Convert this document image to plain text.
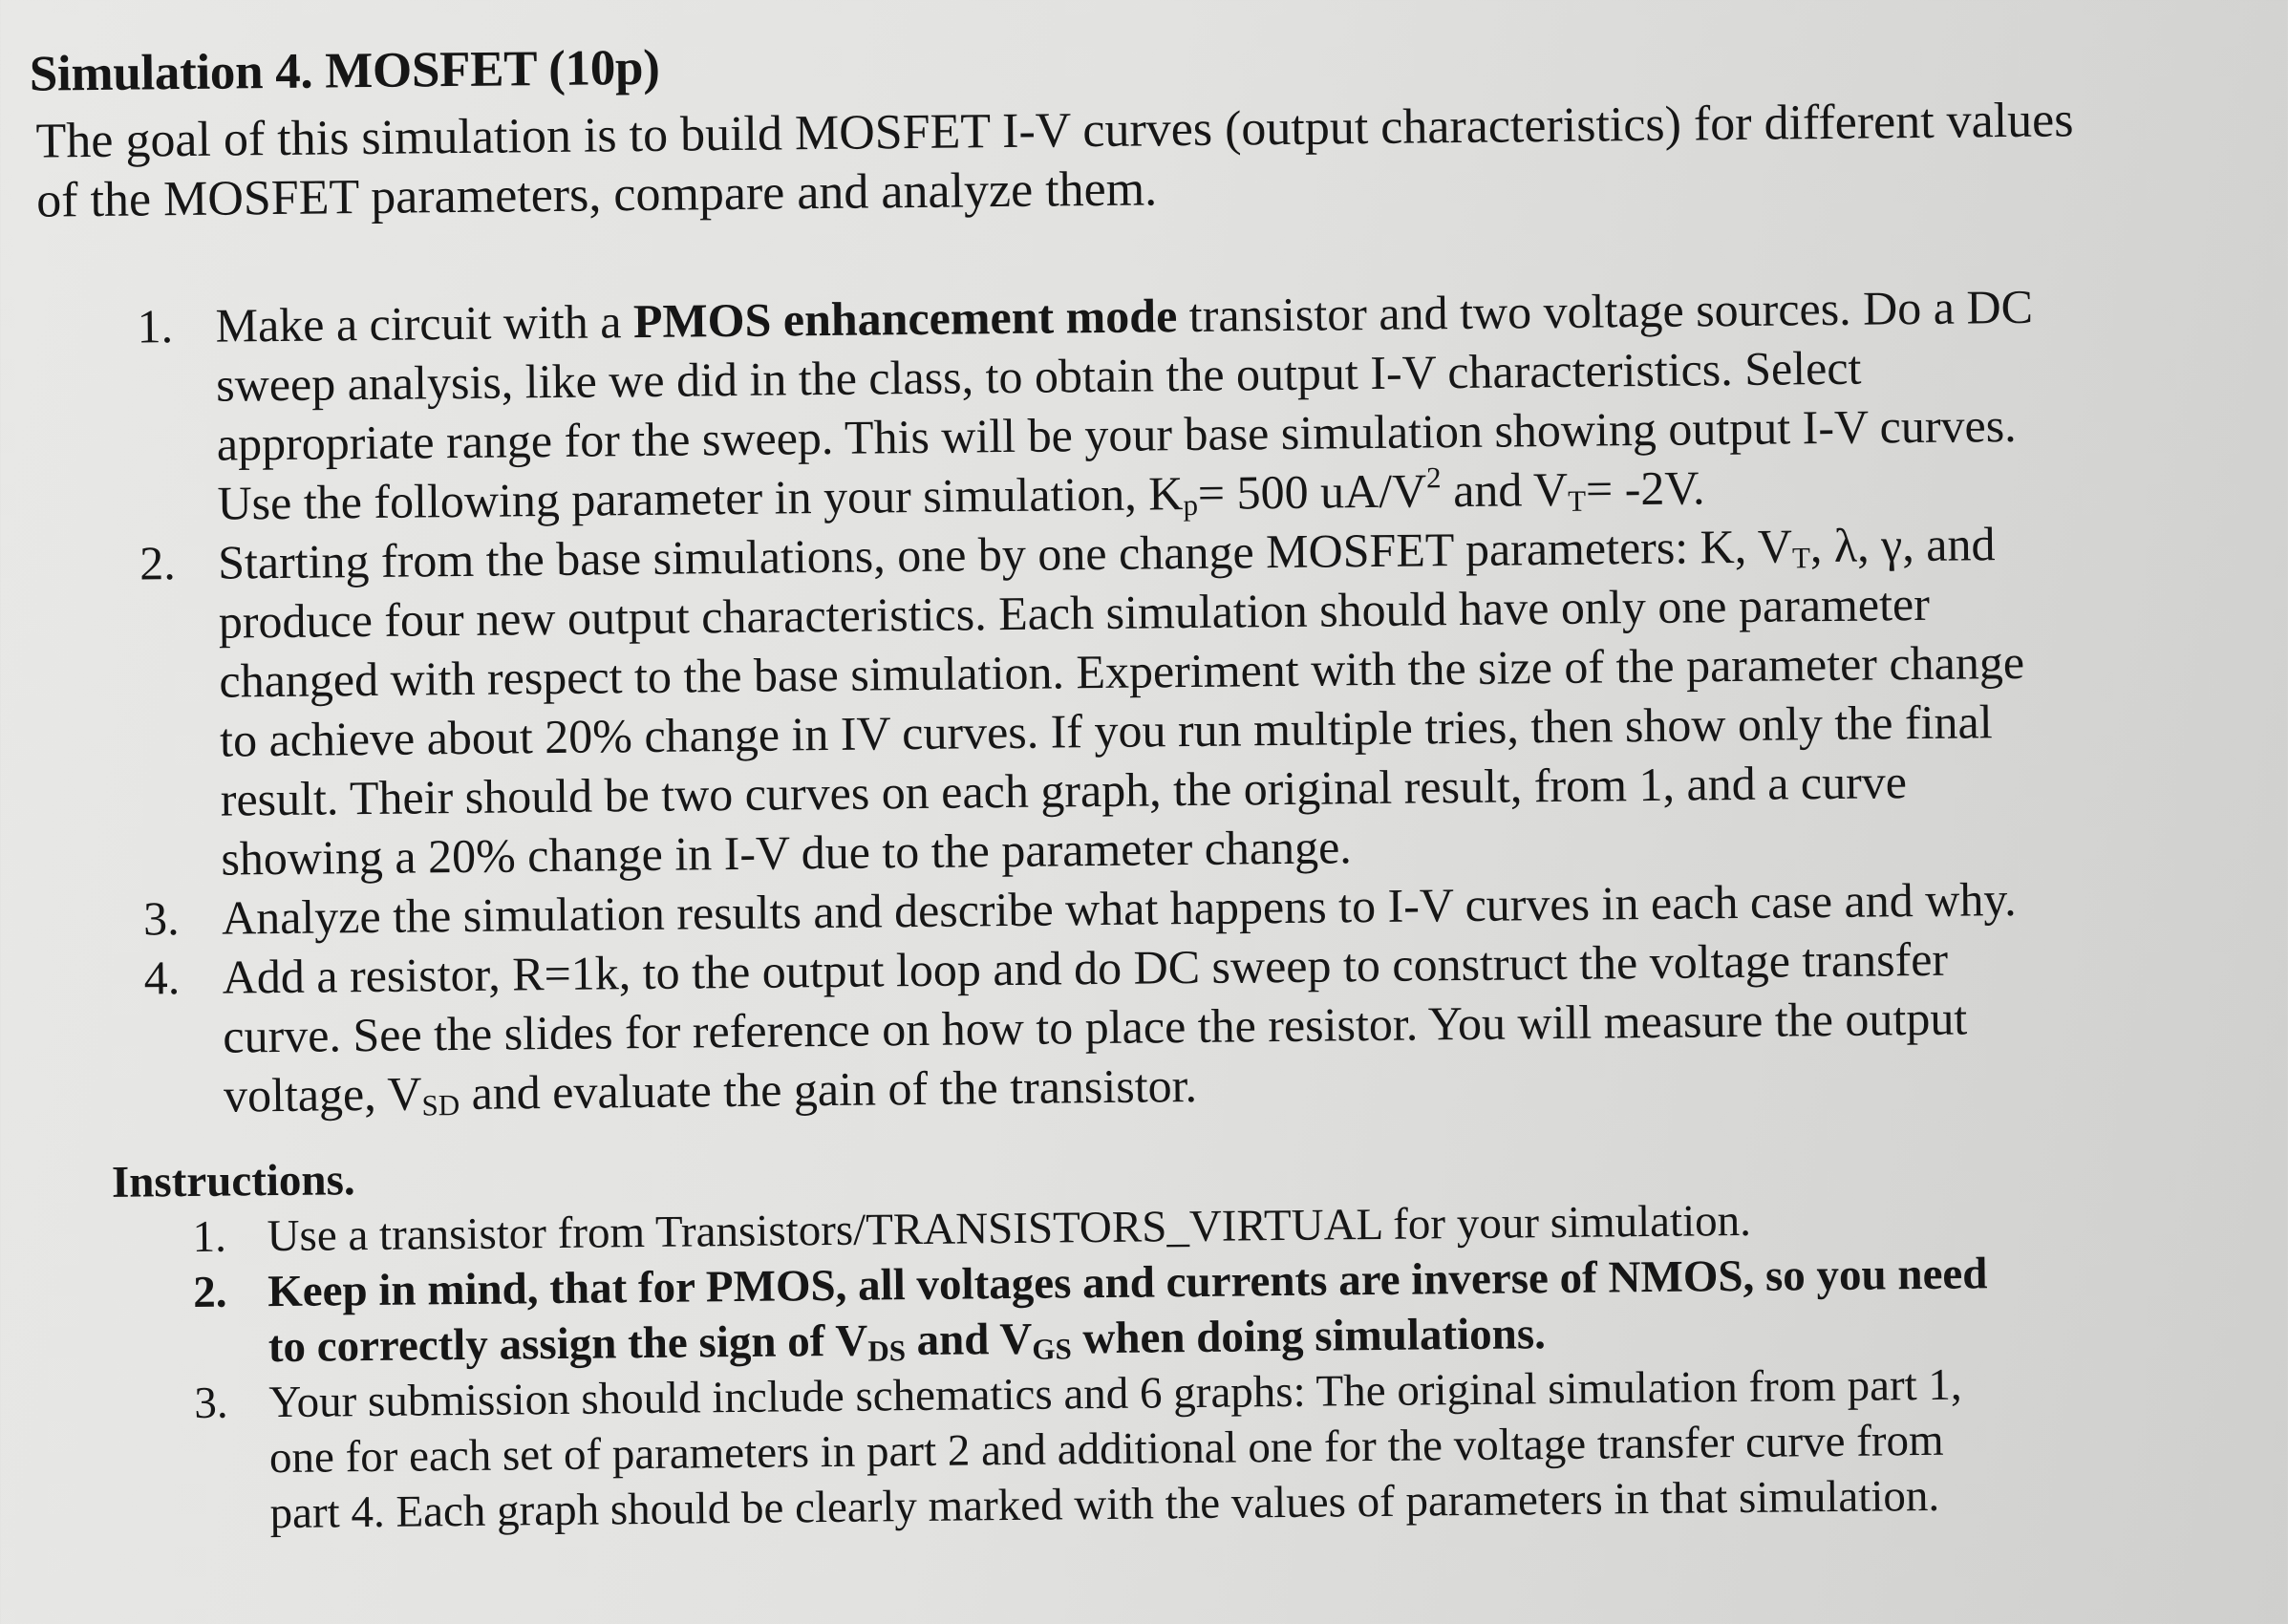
Simulation 4. MOSFET (10p)

The goal of this simulation is to build MOSFET I-V curves (output characteristics) for different values
of the MOSFET parameters, compare and analyze them.

1. Make a circuit with a PMOS enhancement mode transistor and two voltage sources. Do a DC
sweep analysis, like we did in the class, to obtain the output I-V characteristics. Select
appropriate range for the sweep. This will be your base simulation showing output I-V curves.
Use the following parameter in your simulation, $K_p= 500$ $uA/V^2$ and $V_T= -2V$.
2. Starting from the base simulations, one by one change MOSFET parameters: K, $V_T$, λ, γ, and
produce four new output characteristics. Each simulation should have only one parameter
changed with respect to the base simulation. Experiment with the size of the parameter change
to achieve about 20% change in IV curves. If you run multiple tries, then show only the final
result. Their should be two curves on each graph, the original result, from 1, and a curve
showing a 20% change in I-V due to the parameter change.
3. Analyze the simulation results and describe what happens to I-V curves in each case and why.
4. Add a resistor, R=1k, to the output loop and do DC sweep to construct the voltage transfer
curve. See the slides for reference on how to place the resistor. You will measure the output
voltage, $V_{SD}$ and evaluate the gain of the transistor.
Instructions.
1. Use a transistor from Transistors/TRANSISTORS_VIRTUAL for your simulation.
2. Keep in mind, that for PMOS, all voltages and currents are inverse of NMOS, so you need
to correctly assign the sign of $V_{DS}$ and $V_{GS}$ when doing simulations.
3. Your submission should include schematics and 6 graphs: The original simulation from part 1,
one for each set of parameters in part 2 and additional one for the voltage transfer curve from
part 4. Each graph should be clearly marked with the values of parameters in that simulation.
